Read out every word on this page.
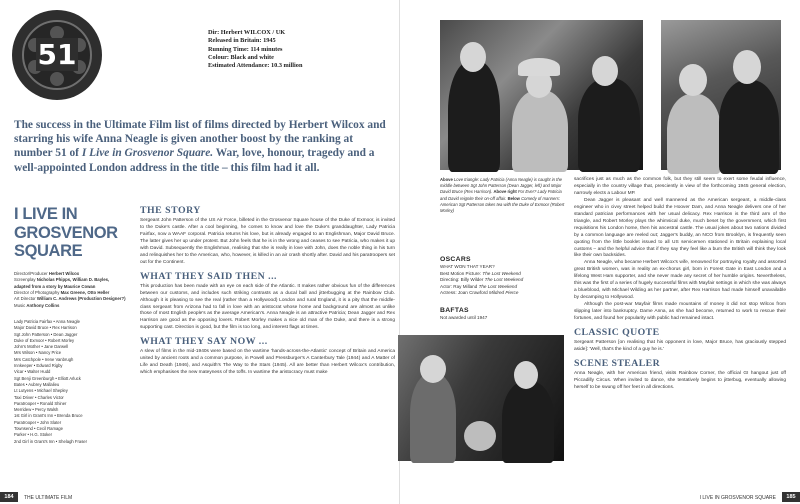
51
Dir: Herbert WILCOX / UK
Released in Britain: 1945
Running Time: 114 minutes
Colour: Black and white
Estimated Attendance: 10.3 million

The success in the Ultimate Film list of films directed by Herbert Wilcox and starring his wife Anna Neagle is given another boost by the ranking at number 51 of I Live in Grosvenor Square. War, love, honour, tragedy and a well-appointed London address in the title – this film had it all.

I LIVE IN GROSVENOR SQUARE
Director/Producer Herbert Wilcox
Screenplay Nicholas Phipps, William D. Bayles,
adapted from a story by Maurice Cowan
Director of Photography Max Greene, Otto Heller
Art Director William C. Andrews (Production Designer?)
Music Anthony Collins
Lady Patricia Fairfax • Anna Neagle
Major David Bruce • Rex Harrison
Sgt John Patterson • Dean Jagger
Duke of Exmoor • Robert Morley
John's Mother • Jane Darwell
Mrs Wilson • Nancy Price
Mrs Catchpole • Irene Vanbrugh
Innkeeper • Edward Rigby
Vicar • Walter Hudd
Sgt Benji Greenburgh • Elliott Arluck
Bates • Aubrey Mallalieu
Lt Lutyens • Michael Shepley
Taxi Driver • Charles Victor
Paratrooper • Ronald Shiner
Merridew • Percy Walsh
1st Girl in Grant's Inn • Brenda Bruce
Paratrooper • John Slater
Townsend • Cecil Ramage
Parker • H.G. Stoker
2nd Girl in Grant's Inn • Shelagh Fraser
THE STORY

Sergeant John Patterson of the US Air Force, billeted in the Grosvenor Square house of the Duke of Exmoor, is invited to the Duke's castle. After a cool beginning, he comes to know and love the Duke's granddaughter, Lady Patricia Fairfax, now a WAAF corporal. Patricia returns his love, but is already engaged to an Englishman, Major David Bruce. The latter gives her up under protest. But John feels that he is in the wrong and ceases to see Patricia, who makes it up with David. Subsequently the Englishman, realising that she is really in love with John, does the noble thing in his turn and relinquishes her to the American, who, however, is killed in an air crash shortly after. David and his paratroopers set out for the Continent.

WHAT THEY SAID THEN ...

This production has been made with an eye on each side of the Atlantic. It makes rather obvious fun of the differences between our customs, and includes such striking contrasts as a ducal ball and jitterbugging at the Rainbow Club. Although it is pleasing to see the real (rather than a Hollywood) London and rural England, it is a pity that the middle-class sergeant from Arizona had to fall in love with an aristocrat whose home and background are almost as unlike those of most English people's as the average American's. Anna Neagle is an attractive Patricia; Dean Jagger and Rex Harrison are good as the opposing lovers. Robert Morley makes a nice old man of the Duke, and there is a strong supporting cast. Direction is good, but the film is too long, and interest flags at times.

WHAT THEY SAY NOW ...

A slew of films in the mid-1940s were based on the wartime 'hands-across-the-Atlantic' concept of Britain and America united by ancient roots and a common purpose, in Powell and Pressburger's A Canterbury Tale (1944) and A Matter of Life and Death (1946), and Asquith's The Way to the Stars (1945). All are better than Herbert Wilcox's contribution, which emphasises the new mateyness of the toffs. In wartime the aristocracy must make

184	THE ULTIMATE FILM
Above Love triangle: Lady Patricia (Anna Neagle) is caught in the middle between Sgt John Patterson (Dean Jagger, left) and Major David Bruce (Rex Harrison). Above right For Ever? Lady Patricia and David reignite their on-off affair. Below Comedy of manners: American Sgt Patterson takes tea with the Duke of Exmoor (Robert Morley)
OSCARS
WHAT WON THAT YEAR?
Best Motion Picture: The Lost Weekend
Directing: Billy Wilder The Lost Weekend
Actor: Ray Milland The Lost Weekend
Actress: Joan Crawford Mildred Pierce
BAFTAS
Not awarded until 1947

sacrifices just as much as the common folk, but they still seem to exert some feudal influence, especially in the country village that, presciently in view of the forthcoming 1945 general election, narrowly elects a Labour MP.

Dean Jagger is pleasant and well mannered as the American sergeant, a middle-class engineer who in civvy street helped build the Hoover Dam, and Anna Neagle delivers one of her standard patrician performances with her usual delicacy. Rex Harrison is the third arm of the triangle, and Robert Morley plays the whimsical duke, much beset by the government, which first requisitions his London home, then his ancestral castle. The usual jokes about two nations divided by a common language are reeled out; Jagger's buddy, an NCO from Brooklyn, is frequently seen quoting from the little booklet issued to all US servicemen stationed in Britain explaining local customs – and the helpful advice that if they say they feel like a bum the British will think they look like their own backsides.

Anna Neagle, who became Herbert Wilcox's wife, renowned for portraying royalty and assorted great British women, was in reality an ex-chorus girl, born in Forest Gate in East London and a lifelong West Ham supporter, and she never made any secret of her humble origins. Nevertheless, this was the first of a series of hugely successful films with Mayfair settings in which she was always a blueblood, with Michael Wilding as her partner, after Rex Harrison had made himself unavailable by decamping to Hollywood.

Although the post-war Mayfair films made mountains of money it did not stop Wilcox from slipping later into bankruptcy. Dame Anna, as she had become, returned to work to rescue their fortunes, and found her popularity with public had remained intact.

CLASSIC QUOTE

Sergeant Patterson [on realising that his opponent in love, Major Bruce, has graciously stepped aside]: 'Well, that's the kind of a guy he is.'

SCENE STEALER

Anna Neagle, with her American friend, visits Rainbow Corner, the official GI hangout just off Piccadilly Circus. When invited to dance, she tentatively begins to jitterbug, eventually allowing herself to be swung off her feet in all directions.

I LIVE IN GROSVENOR SQUARE	185
